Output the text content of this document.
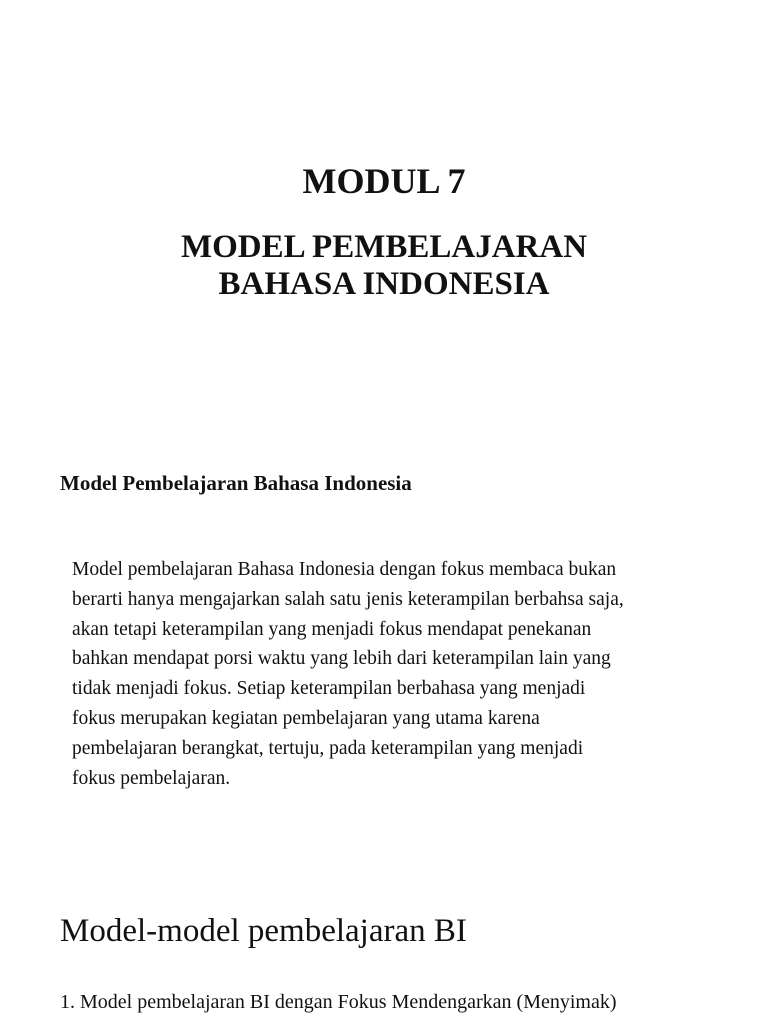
MODUL 7
MODEL PEMBELAJARAN
BAHASA INDONESIA
Model Pembelajaran Bahasa Indonesia

Model pembelajaran Bahasa Indonesia dengan fokus membaca bukan
berarti hanya mengajarkan salah satu jenis keterampilan berbahsa saja,
akan tetapi keterampilan yang menjadi fokus mendapat penekanan
bahkan mendapat porsi waktu yang lebih dari keterampilan lain yang
tidak menjadi fokus. Setiap keterampilan berbahasa yang menjadi
fokus merupakan kegiatan pembelajaran yang utama karena
pembelajaran berangkat, tertuju, pada keterampilan yang menjadi
fokus pembelajaran.

Model-model pembelajaran BI

1. Model pembelajaran BI dengan Fokus Mendengarkan (Menyimak)
